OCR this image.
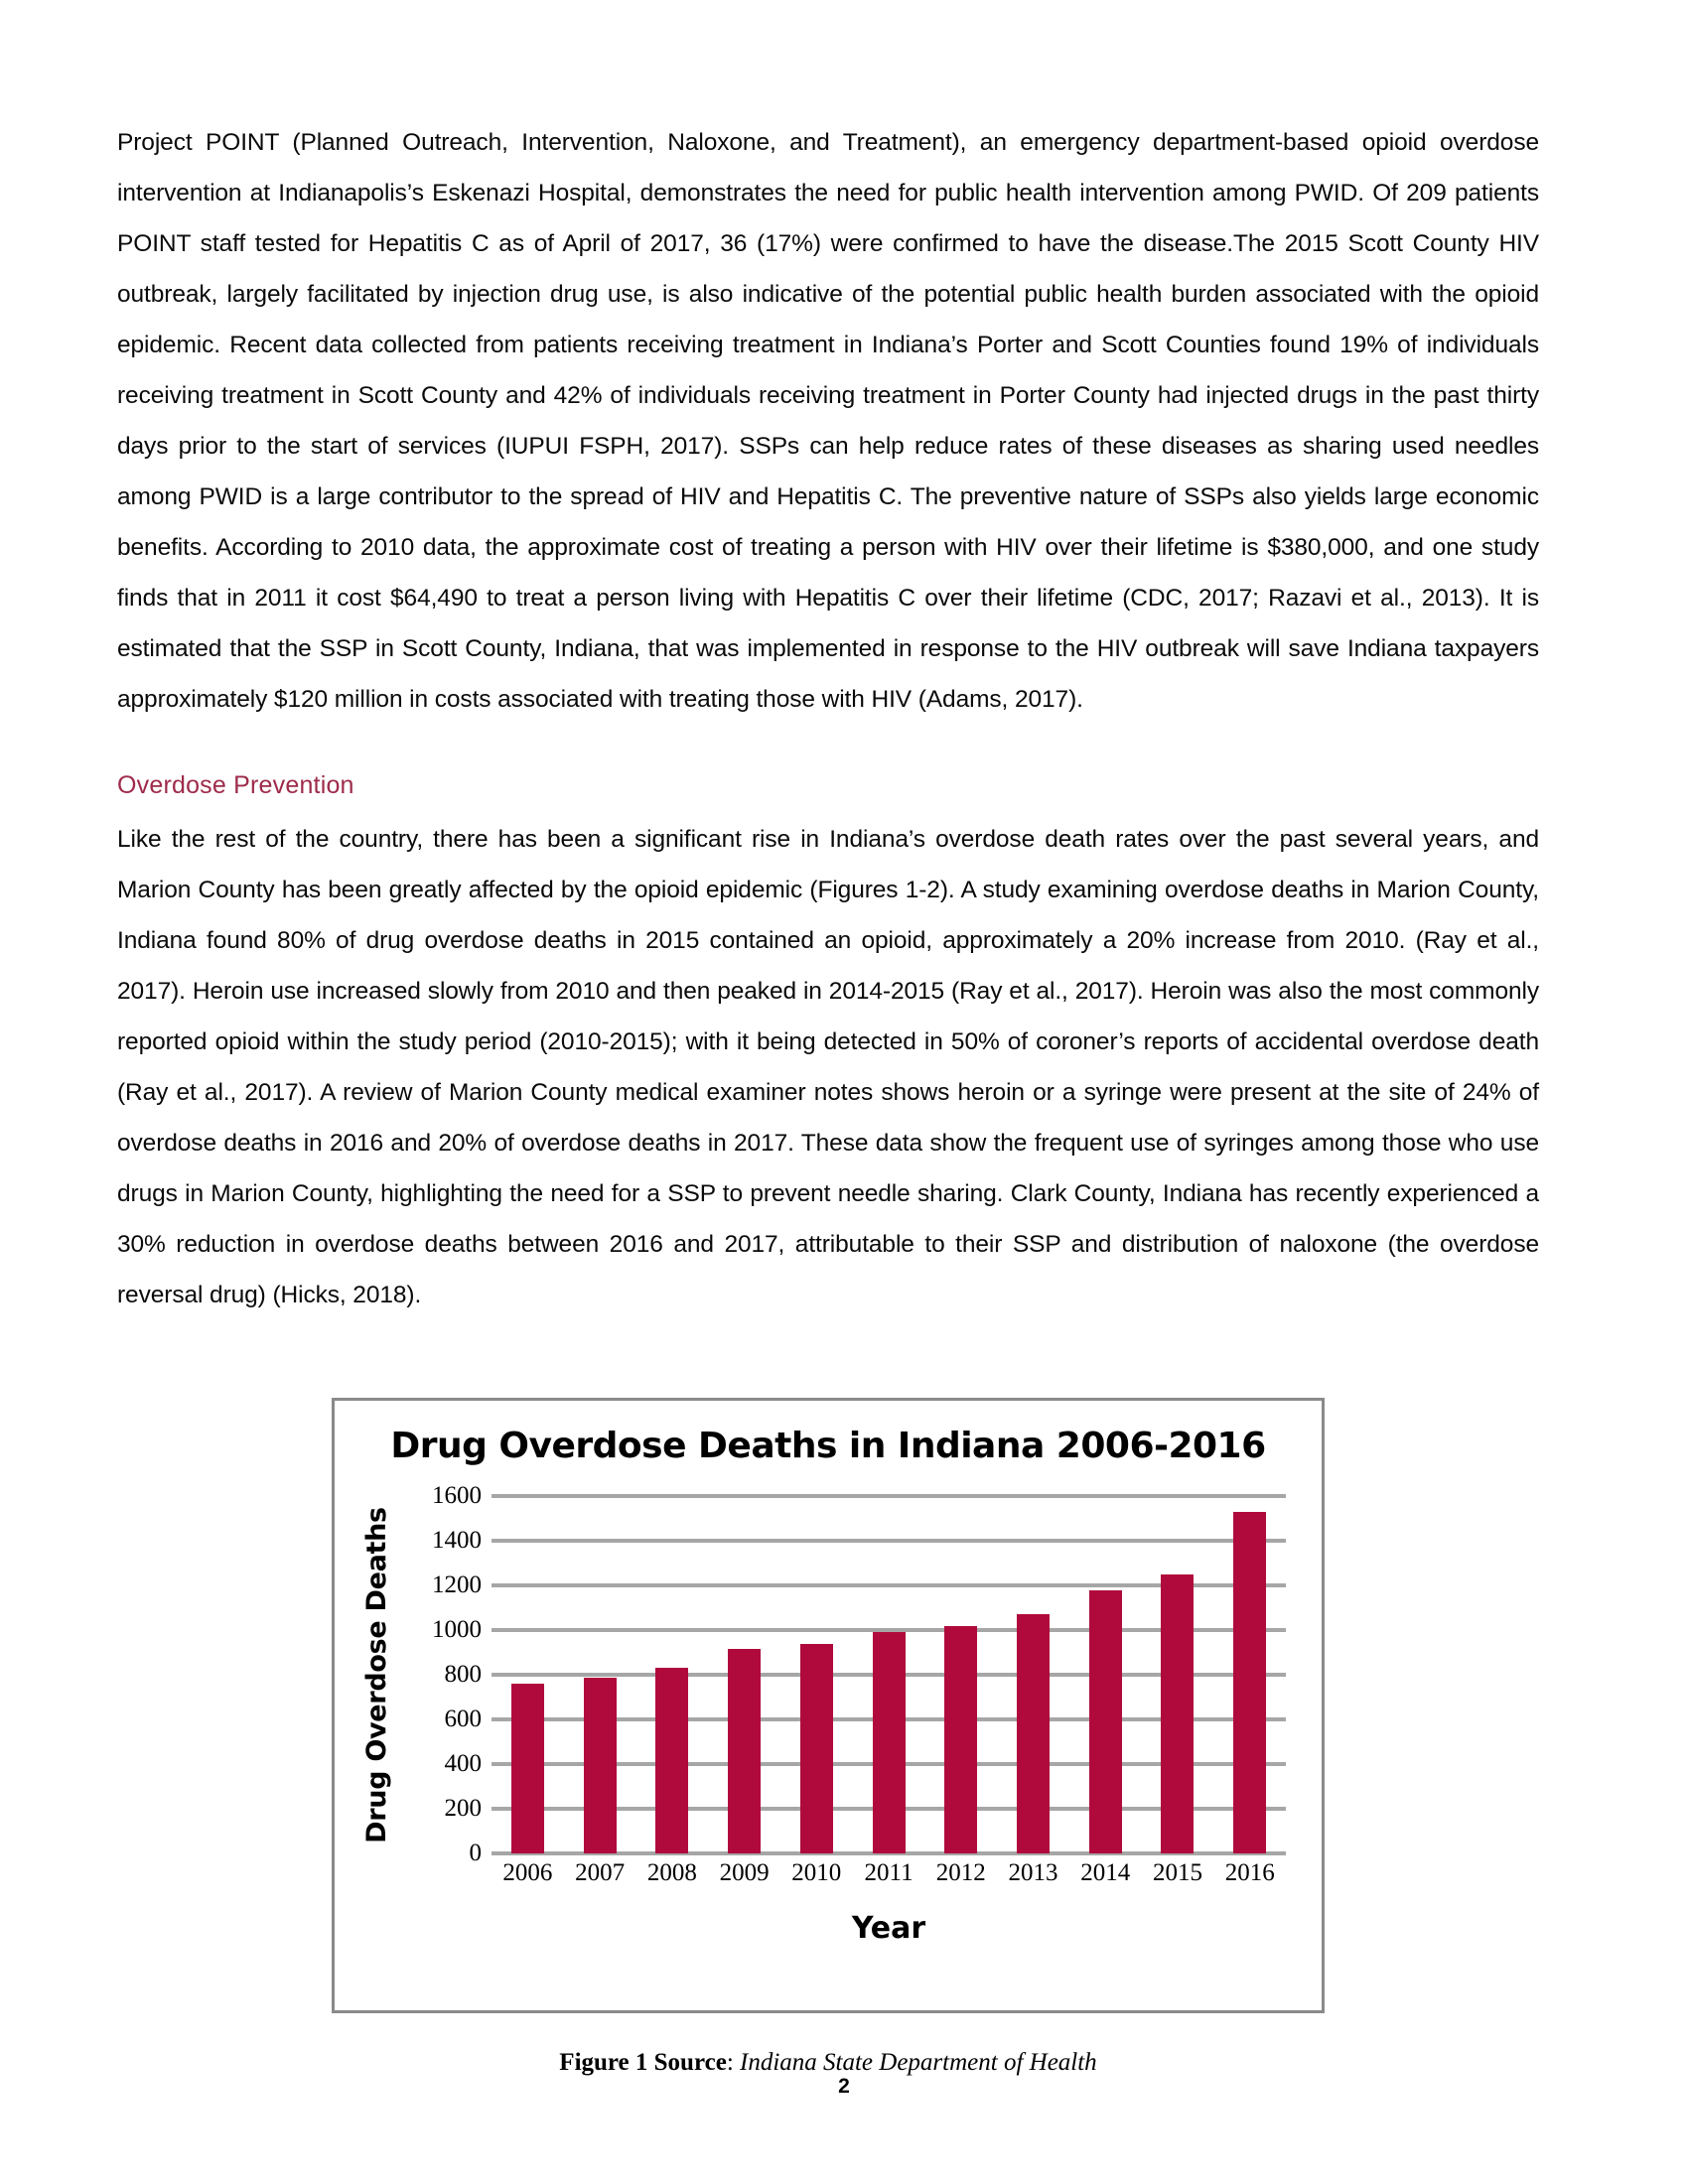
Project POINT (Planned Outreach, Intervention, Naloxone, and Treatment), an emergency department-based opioid overdose intervention at Indianapolis’s Eskenazi Hospital, demonstrates the need for public health intervention among PWID. Of 209 patients POINT staff tested for Hepatitis C as of April of 2017, 36 (17%) were confirmed to have the disease.The 2015 Scott County HIV outbreak, largely facilitated by injection drug use, is also indicative of the potential public health burden associated with the opioid epidemic. Recent data collected from patients receiving treatment in Indiana’s Porter and Scott Counties found 19% of individuals receiving treatment in Scott County and 42% of individuals receiving treatment in Porter County had injected drugs in the past thirty days prior to the start of services (IUPUI FSPH, 2017). SSPs can help reduce rates of these diseases as sharing used needles among PWID is a large contributor to the spread of HIV and Hepatitis C. The preventive nature of SSPs also yields large economic benefits. According to 2010 data, the approximate cost of treating a person with HIV over their lifetime is $380,000, and one study finds that in 2011 it cost $64,490 to treat a person living with Hepatitis C over their lifetime (CDC, 2017; Razavi et al., 2013). It is estimated that the SSP in Scott County, Indiana, that was implemented in response to the HIV outbreak will save Indiana taxpayers approximately $120 million in costs associated with treating those with HIV (Adams, 2017).

Overdose Prevention

Like the rest of the country, there has been a significant rise in Indiana’s overdose death rates over the past several years, and Marion County has been greatly affected by the opioid epidemic (Figures 1-2). A study examining overdose deaths in Marion County, Indiana found 80% of drug overdose deaths in 2015 contained an opioid, approximately a 20% increase from 2010. (Ray et al., 2017). Heroin use increased slowly from 2010 and then peaked in 2014-2015 (Ray et al., 2017). Heroin was also the most commonly reported opioid within the study period (2010-2015); with it being detected in 50% of coroner’s reports of accidental overdose death (Ray et al., 2017). A review of Marion County medical examiner notes shows heroin or a syringe were present at the site of 24% of overdose deaths in 2016 and 20% of overdose deaths in 2017. These data show the frequent use of syringes among those who use drugs in Marion County, highlighting the need for a SSP to prevent needle sharing. Clark County, Indiana has recently experienced a 30% reduction in overdose deaths between 2016 and 2017, attributable to their SSP and distribution of naloxone (the overdose reversal drug) (Hicks, 2018).

Drug Overdose Deaths in Indiana 2006-2016
Drug Overdose Deaths
1600
1400
1200
1000
800
600
400
200
0
2006 2007 2008 2009 2010 2011 2012 2013 2014 2015 2016
Year
Figure 1 Source: Indiana State Department of Health
2
